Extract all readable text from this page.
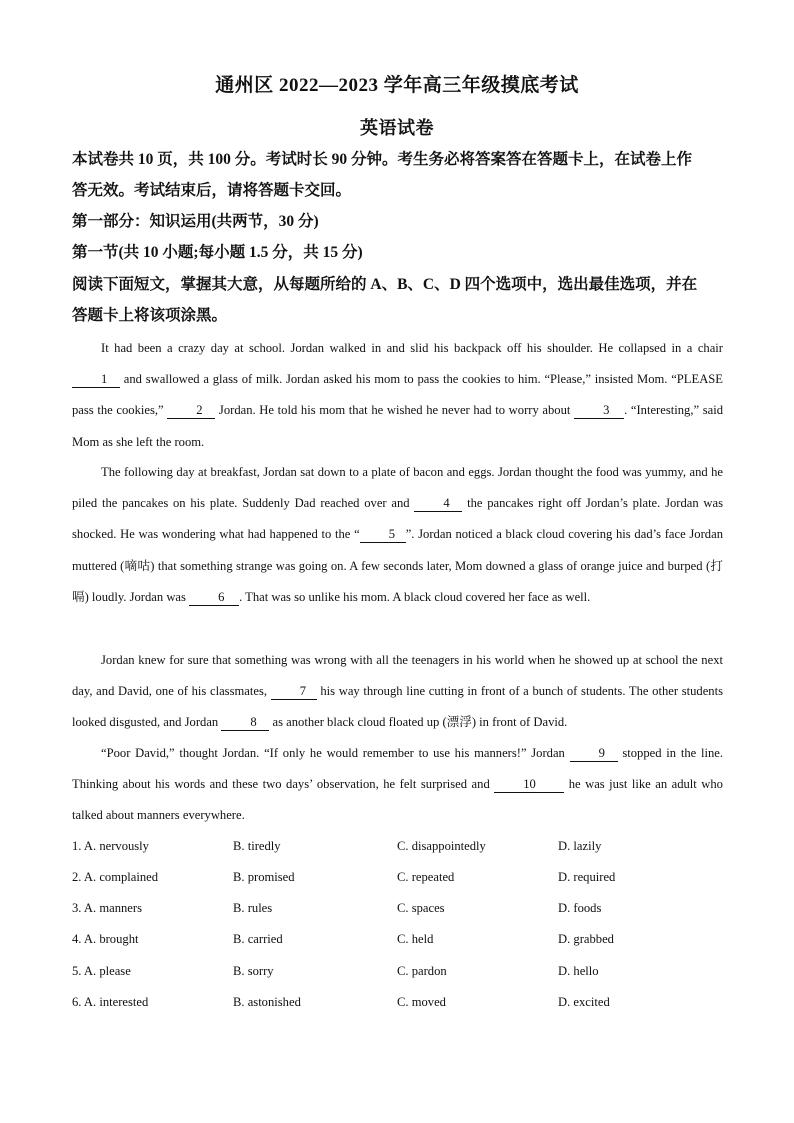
通州区 2022—2023 学年高三年级摸底考试
英语试卷
本试卷共 10 页，共 100 分。考试时长 90 分钟。考生务必将答案答在答题卡上，在试卷上作
答无效。考试结束后，请将答题卡交回。
第一部分：知识运用(共两节，30 分)
第一节(共 10 小题;每小题 1.5 分，共 15 分)
阅读下面短文，掌握其大意，从每题所给的 A、B、C、D 四个选项中，选出最佳选项，并在
答题卡上将该项涂黑。
It had been a crazy day at school. Jordan walked in and slid his backpack off his shoulder. He collapsed in a chair 1 and swallowed a glass of milk. Jordan asked his mom to pass the cookies to him. “Please,” insisted Mom. “PLEASE pass the cookies,” 2 Jordan. He told his mom that he wished he never had to worry about 3 . “Interesting,” said Mom as she left the room.
The following day at breakfast, Jordan sat down to a plate of bacon and eggs. Jordan thought the food was yummy, and he piled the pancakes on his plate. Suddenly Dad reached over and 4 the pancakes right off Jordan’s plate. Jordan was shocked. He was wondering what had happened to the “ 5 ”. Jordan noticed a black cloud covering his dad’s face Jordan muttered (嘀咕) that something strange was going on. A few seconds later, Mom downed a glass of orange juice and burped (打嗝) loudly. Jordan was 6 . That was so unlike his mom. A black cloud covered her face as well.
Jordan knew for sure that something was wrong with all the teenagers in his world when he showed up at school the next day, and David, one of his classmates, 7 his way through line cutting in front of a bunch of students. The other students looked disgusted, and Jordan 8 as another black cloud floated up (漂浮) in front of David.
“Poor David,” thought Jordan. “If only he would remember to use his manners!” Jordan 9 stopped in the line. Thinking about his words and these two days’ observation, he felt surprised and 10 he was just like an adult who talked about manners everywhere.
1. A. nervously	B. tiredly	C. disappointedly	D. lazily
2. A. complained	B. promised	C. repeated	D. required
3. A. manners	B. rules	C. spaces	D. foods
4. A. brought	B. carried	C. held	D. grabbed
5. A. please	B. sorry	C. pardon	D. hello
6. A. interested	B. astonished	C. moved	D. excited
